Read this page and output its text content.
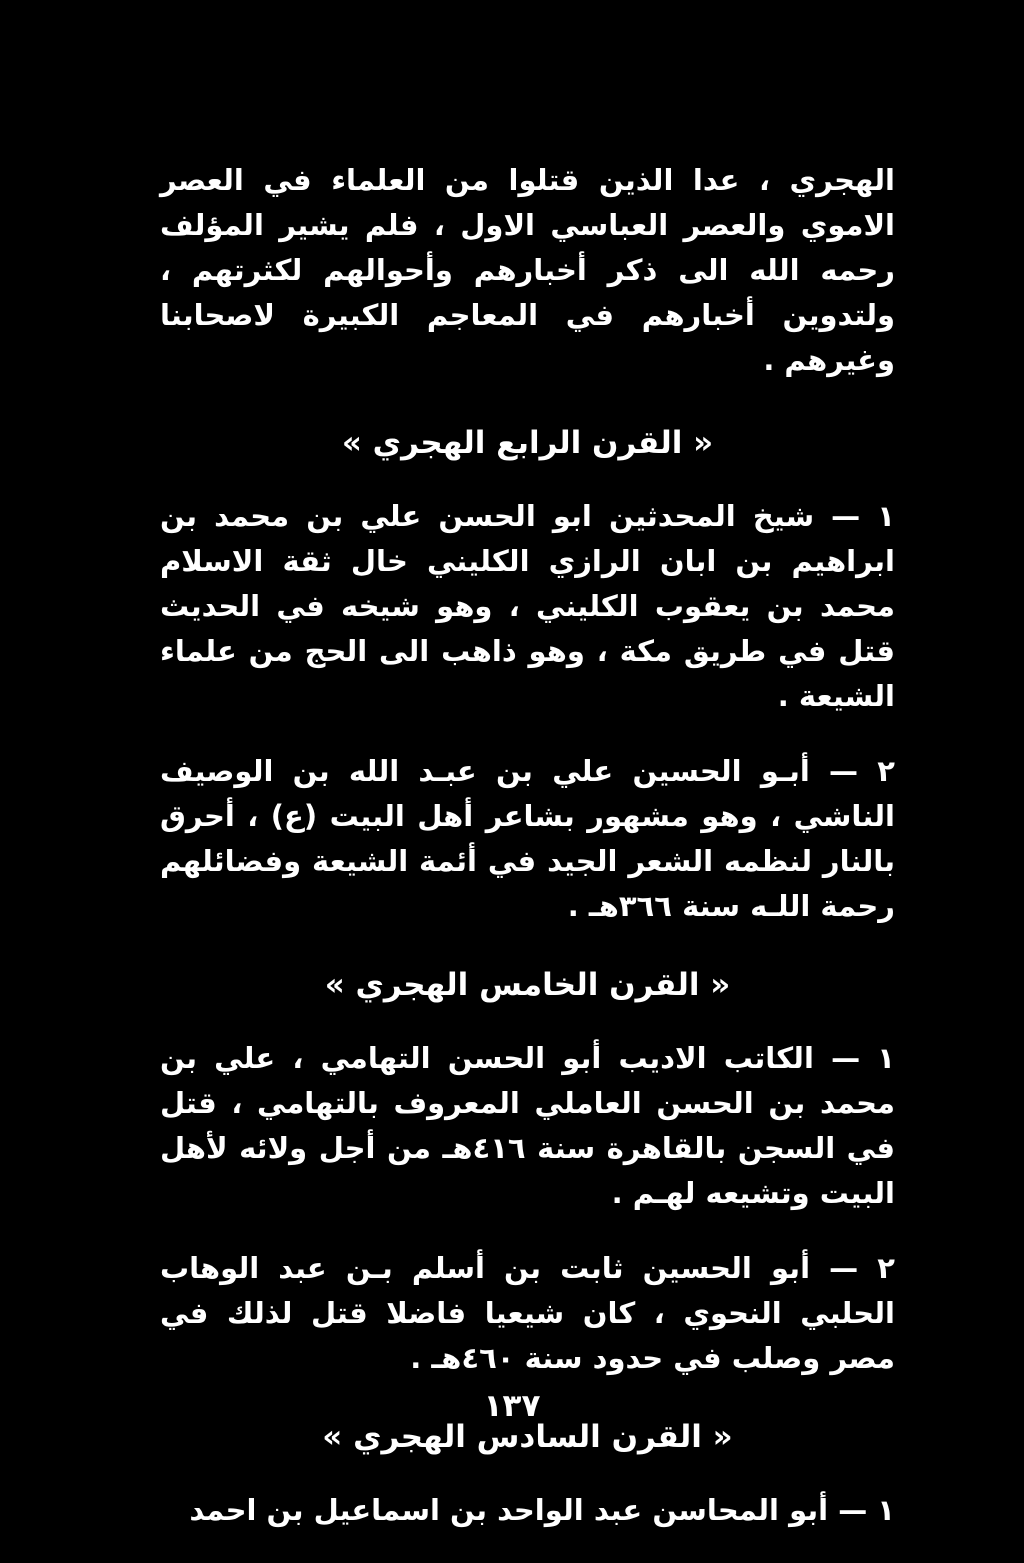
الهجري ، عدا الذين قتلوا من العلماء في العصر الاموي والعصر العباسي الاول ، فلم يشير المؤلف رحمه الله الى ذكر أخبارهم وأحوالهم لكثرتهم ، ولتدوين أخبارهم في المعاجم الكبيرة لاصحابنا وغيرهم .

« القرن الرابع الهجري »

١ — شيخ المحدثين ابو الحسن علي بن محمد بن ابراهيم بن ابان الرازي الكليني خال ثقة الاسلام محمد بن يعقوب الكليني ، وهو شيخه في الحديث قتل في طريق مكة ، وهو ذاهب الى الحج من علماء الشيعة .

٢ — أبـو الحسين علي بن عبـد الله بن الوصيف الناشي ، وهو مشهور بشاعر أهل البيت (ع) ، أحرق بالنار لنظمه الشعر الجيد في أئمة الشيعة وفضائلهم رحمة اللـه سنة ٣٦٦هـ .

« القرن الخامس الهجري »

١ — الكاتب الاديب أبو الحسن التهامي ، علي بن محمد بن الحسن العاملي المعروف بالتهامي ، قتل في السجن بالقاهرة سنة ٤١٦هـ من أجل ولائه لأهل البيت وتشيعه لهـم .

٢ — أبو الحسين ثابت بن أسلم بـن عبد الوهاب الحلبي النحوي ، كان شيعيا فاضلا قتل لذلك في مصر وصلب في حدود سنة ٤٦٠هـ .

« القرن السادس الهجري »

١ — أبو المحاسن عبد الواحد بن اسماعيل بن احمد

١٣٧
